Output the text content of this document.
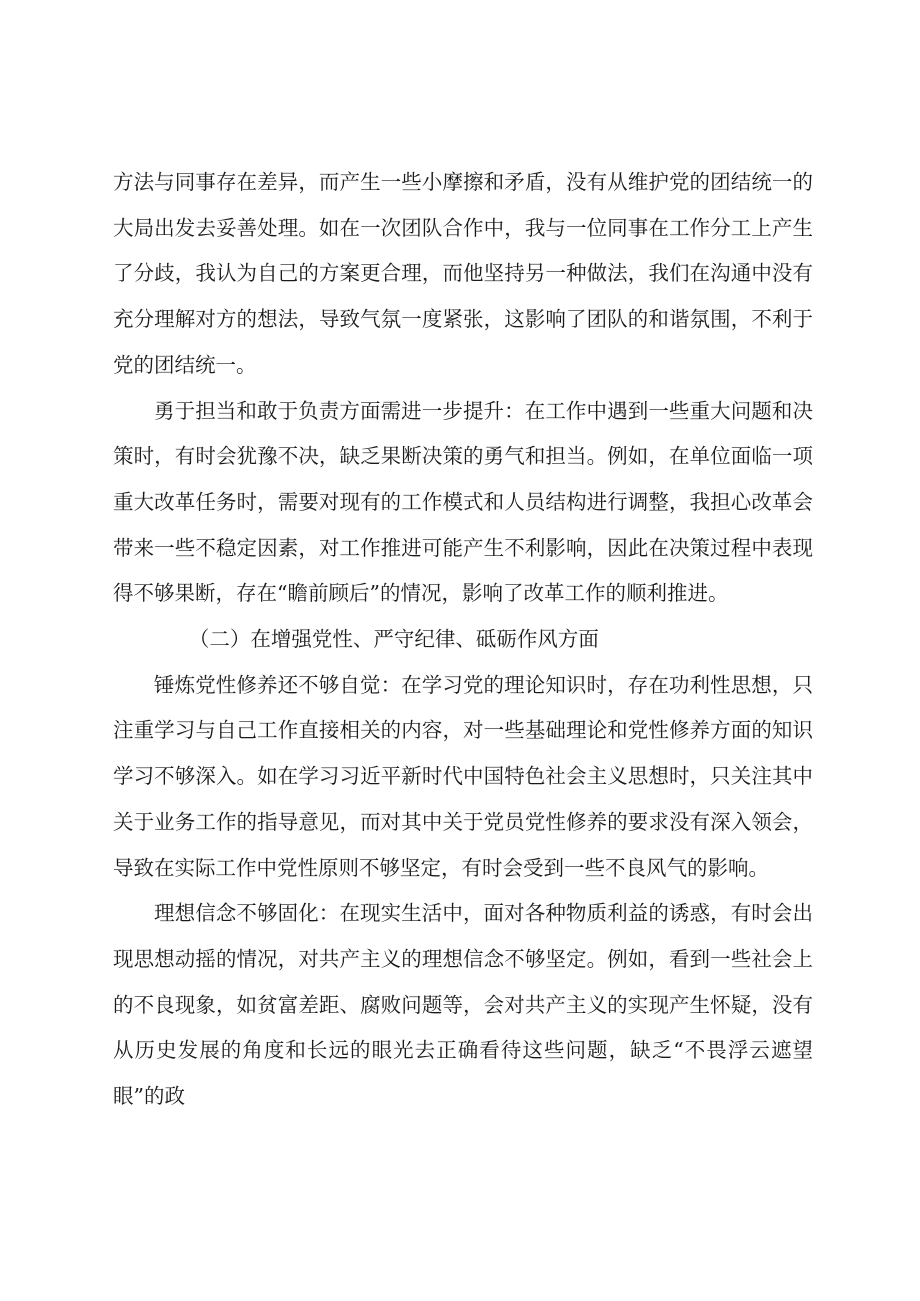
方法与同事存在差异，而产生一些小摩擦和矛盾，没有从维护党的团结统一的大局出发去妥善处理。如在一次团队合作中，我与一位同事在工作分工上产生了分歧，我认为自己的方案更合理，而他坚持另一种做法，我们在沟通中没有充分理解对方的想法，导致气氛一度紧张，这影响了团队的和谐氛围，不利于党的团结统一。

勇于担当和敢于负责方面需进一步提升：在工作中遇到一些重大问题和决策时，有时会犹豫不决，缺乏果断决策的勇气和担当。例如，在单位面临一项重大改革任务时，需要对现有的工作模式和人员结构进行调整，我担心改革会带来一些不稳定因素，对工作推进可能产生不利影响，因此在决策过程中表现得不够果断，存在“瞻前顾后”的情况，影响了改革工作的顺利推进。

（二）在增强党性、严守纪律、砥砺作风方面

锤炼党性修养还不够自觉：在学习党的理论知识时，存在功利性思想，只注重学习与自己工作直接相关的内容，对一些基础理论和党性修养方面的知识学习不够深入。如在学习习近平新时代中国特色社会主义思想时，只关注其中关于业务工作的指导意见，而对其中关于党员党性修养的要求没有深入领会，导致在实际工作中党性原则不够坚定，有时会受到一些不良风气的影响。

理想信念不够固化：在现实生活中，面对各种物质利益的诱惑，有时会出现思想动摇的情况，对共产主义的理想信念不够坚定。例如，看到一些社会上的不良现象，如贫富差距、腐败问题等，会对共产主义的实现产生怀疑，没有从历史发展的角度和长远的眼光去正确看待这些问题，缺乏“不畏浮云遮望眼”的政
